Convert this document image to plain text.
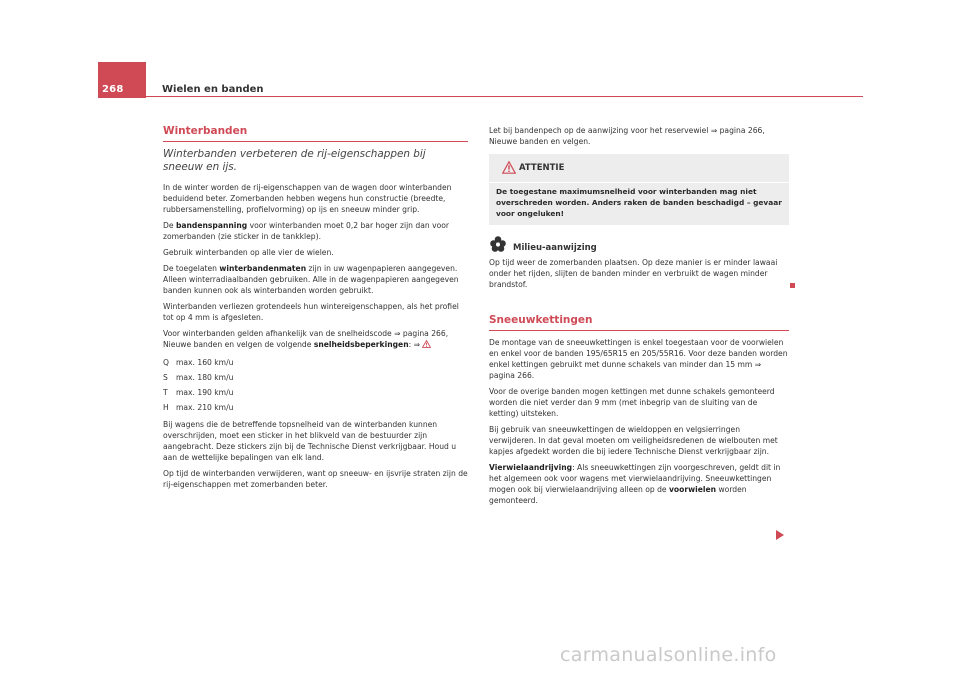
268	Wielen en banden
Winterbanden
Winterbanden verbeteren de rij-eigenschappen bij sneeuw en ijs.

In de winter worden de rij-eigenschappen van de wagen door winterbanden beduidend beter. Zomerbanden hebben wegens hun constructie (breedte, rubbersamenstelling, profielvorming) op ijs en sneeuw minder grip.

De bandenspanning voor winterbanden moet 0,2 bar hoger zijn dan voor zomerbanden (zie sticker in de tankklep).

Gebruik winterbanden op alle vier de wielen.

De toegelaten winterbandenmaten zijn in uw wagenpapieren aangegeven. Alleen winterradiaalbanden gebruiken. Alle in de wagenpapieren aangegeven banden kunnen ook als winterbanden worden gebruikt.

Winterbanden verliezen grotendeels hun wintereigenschappen, als het profiel tot op 4 mm is afgesleten.

Voor winterbanden gelden afhankelijk van de snelheidscode ⇒ pagina 266, Nieuwe banden en velgen de volgende snelheidsbeperkingen: ⇒

Q max. 160 km/u
S	max. 180 km/u
T	max. 190 km/u
H max. 210 km/u

Bij wagens die de betreffende topsnelheid van de winterbanden kunnen overschrijden, moet een sticker in het blikveld van de bestuurder zijn aangebracht. Deze stickers zijn bij de Technische Dienst verkrijgbaar. Houd u aan de wettelijke bepalingen van elk land.

Op tijd de winterbanden verwijderen, want op sneeuw- en ijsvrije straten zijn de rij-eigenschappen met zomerbanden beter.

Let bij bandenpech op de aanwijzing voor het reservewiel ⇒ pagina 266, Nieuwe banden en velgen.

ATTENTIE
De toegestane maximumsnelheid voor winterbanden mag niet overschreden worden. Anders raken de banden beschadigd – gevaar voor ongeluken!
Milieu-aanwijzing

Op tijd weer de zomerbanden plaatsen. Op deze manier is er minder lawaai onder het rijden, slijten de banden minder en verbruikt de wagen minder brandstof.

Sneeuwkettingen

De montage van de sneeuwkettingen is enkel toegestaan voor de voorwielen en enkel voor de banden 195/65R15 en 205/55R16. Voor deze banden worden enkel kettingen gebruikt met dunne schakels van minder dan 15 mm ⇒ pagina 266.

Voor de overige banden mogen kettingen met dunne schakels gemonteerd worden die niet verder dan 9 mm (met inbegrip van de sluiting van de ketting) uitsteken.

Bij gebruik van sneeuwkettingen de wieldoppen en velgsierringen verwijderen. In dat geval moeten om veiligheidsredenen de wielbouten met kapjes afgedekt worden die bij iedere Technische Dienst verkrijgbaar zijn.

Vierwielaandrijving: Als sneeuwkettingen zijn voorgeschreven, geldt dit in het algemeen ook voor wagens met vierwielaandrijving. Sneeuwkettingen mogen ook bij vierwielaandrijving alleen op de voorwielen worden gemonteerd.

carmanualsonline.info
